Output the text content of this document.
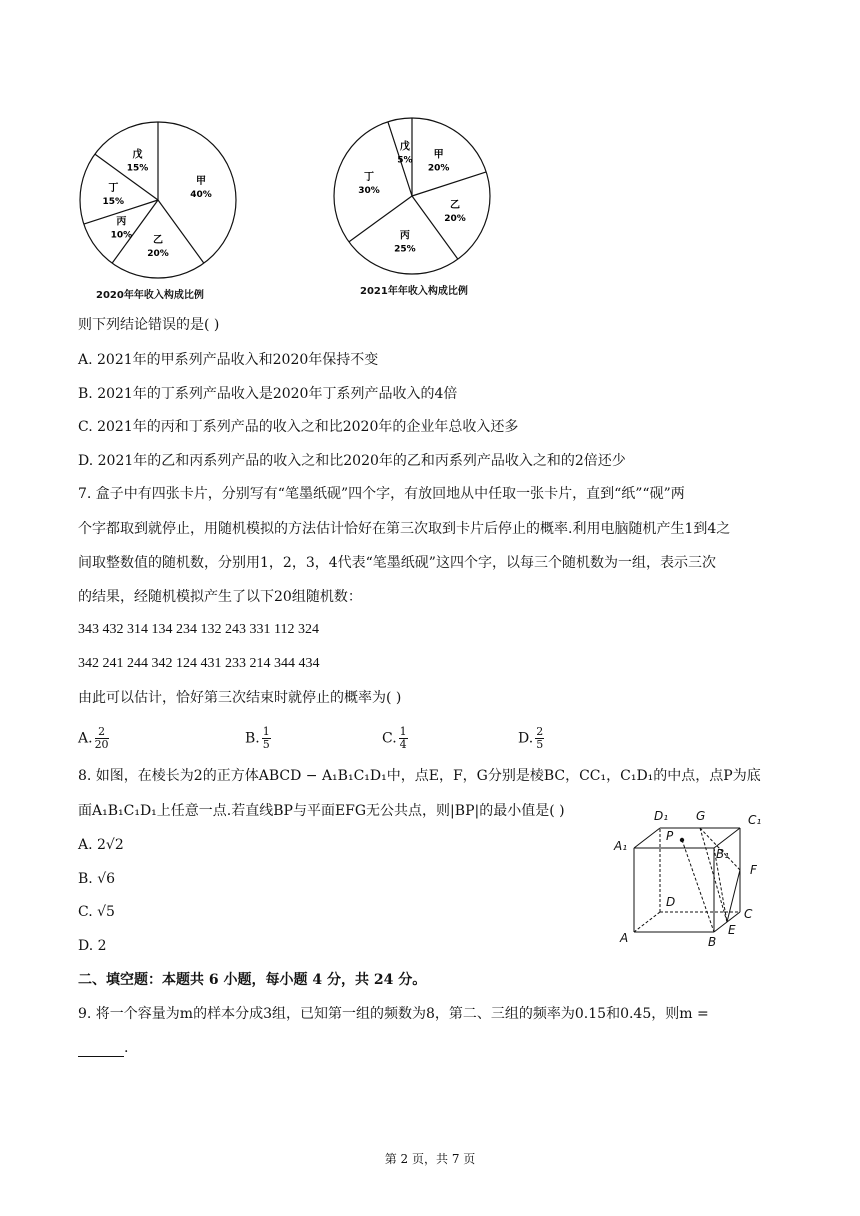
甲
40%
乙
20%
丙
10%
丁
15%
戊
15%
2020年年收入构成比例
甲
20%
乙
20%
丙
25%
丁
30%
戊
5%
2021年年收入构成比例
则下列结论错误的是( )
A. 2021年的甲系列产品收入和2020年保持不变
B. 2021年的丁系列产品收入是2020年丁系列产品收入的4倍
C. 2021年的丙和丁系列产品的收入之和比2020年的企业年总收入还多
D. 2021年的乙和丙系列产品的收入之和比2020年的乙和丙系列产品收入之和的2倍还少
7. 盒子中有四张卡片，分别写有“笔墨纸砚”四个字，有放回地从中任取一张卡片，直到“纸”“砚”两
个字都取到就停止，用随机模拟的方法估计恰好在第三次取到卡片后停止的概率.利用电脑随机产生1到4之
间取整数值的随机数，分别用1，2，3，4代表“笔墨纸砚”这四个字，以每三个随机数为一组，表示三次
的结果，经随机模拟产生了以下20组随机数：
343 432 314 134 234 132 243 331 112 324
342 241 244 342 124 431 233 214 344 434
由此可以估计，恰好第三次结束时就停止的概率为( )
A. $\frac{2}{20}$	B. $\frac{1}{5}$	C. $\frac{1}{4}$	D. $\frac{2}{5}$
8. 如图，在棱长为2的正方体ABCD − A₁B₁C₁D₁中，点E，F，G分别是棱BC，CC₁，C₁D₁的中点，点P为底
面A₁B₁C₁D₁上任意一点.若直线BP与平面EFG无公共点，则|BP|的最小值是( )
A. 2√2
B. √6
C. √5
D. 2
D₁ G	C₁
A₁
P
B₁
F
D
C
A	B
E
二、填空题：本题共 6 小题，每小题 4 分，共 24 分。
9. 将一个容量为m的样本分成3组，已知第一组的频数为8，第二、三组的频率为0.15和0.45，则m =
.
第 2 页，共 7 页
